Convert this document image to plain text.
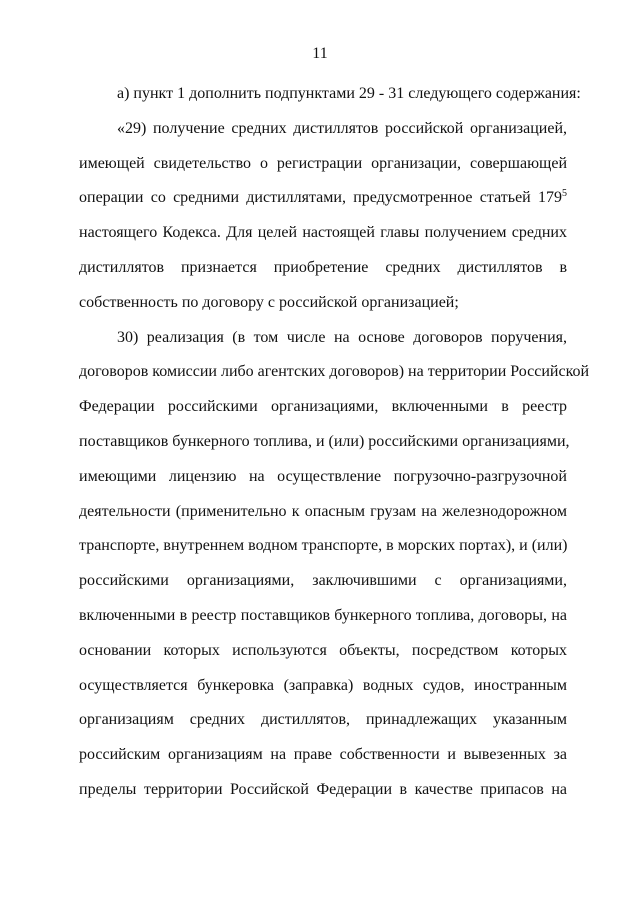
11
а) пункт 1 дополнить подпунктами 29 - 31 следующего содержания:
«29) получение средних дистиллятов российской организацией,
имеющей свидетельство о регистрации организации, совершающей
операции со средними дистиллятами, предусмотренное статьей $179^5$
настоящего Кодекса. Для целей настоящей главы получением средних
дистиллятов признается приобретение средних дистиллятов в
собственность по договору с российской организацией;
30) реализация (в том числе на основе договоров поручения,
договоров комиссии либо агентских договоров) на территории Российской
Федерации российскими организациями, включенными в реестр
поставщиков бункерного топлива, и (или) российскими организациями,
имеющими лицензию на осуществление погрузочно-разгрузочной
деятельности (применительно к опасным грузам на железнодорожном
транспорте, внутреннем водном транспорте, в морских портах), и (или)
российскими организациями, заключившими с организациями,
включенными в реестр поставщиков бункерного топлива, договоры, на
основании которых используются объекты, посредством которых
осуществляется бункеровка (заправка) водных судов, иностранным
организациям средних дистиллятов, принадлежащих указанным
российским организациям на праве собственности и вывезенных за
пределы территории Российской Федерации в качестве припасов на
